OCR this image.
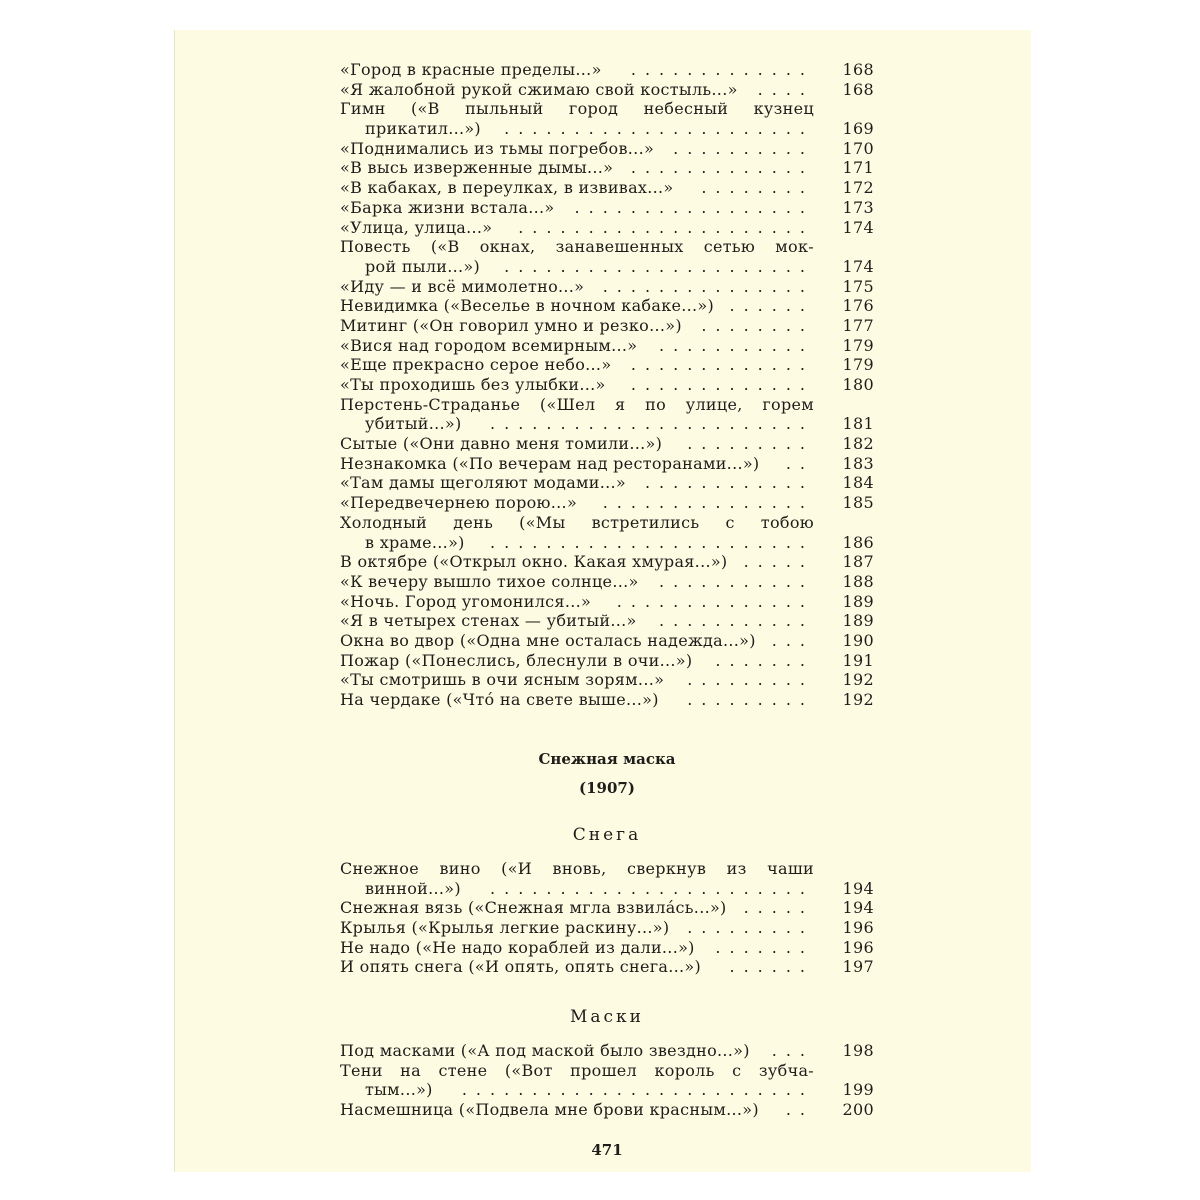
«Город в красные пределы...» .............	168
«Я жалобной рукой сжимаю свой костыль...» ....	168
Гимн («В пыльный город небесный кузнец
прикатил...») ......................	169
«Поднимались из тьмы погребов...» ..........	170
«В высь изверженные дымы...» .............	171
«В кабаках, в переулках, в извивах...» ........	172
«Барка жизни встала...» .................	173
«Улица, улица...» .....................	174
Повесть («В окнах, занавешенных сетью мок-
рой пыли...») ......................	174
«Иду — и всё мимолетно...» ...............	175
Невидимка («Веселье в ночном кабаке...») ......	176
Митинг («Он говорил умно и резко...») ........	177
«Вися над городом всемирным...» ...........	179
«Еще прекрасно серое небо...» .............	179
«Ты проходишь без улыбки...» .............	180
Перстень-Страданье («Шел я по улице, горем
убитый...») .......................	181
Сытые («Они давно меня томили...») .........	182
Незнакомка («По вечерам над ресторанами...») ..	183
«Там дамы щеголяют модами...» ............	184
«Передвечернею порою...» ...............	185
Холодный день («Мы встретились с тобою
в храме...») .......................	186
В октябре («Открыл окно. Какая хмурая...») .....	187
«К вечеру вышло тихое солнце...» ...........	188
«Ночь. Город угомонился...» ..............	189
«Я в четырех стенах — убитый...» ...........	189
Окна во двор («Одна мне осталась надежда...») ...	190
Пожар («Понеслись, блеснули в очи...») .......	191
«Ты смотришь в очи ясным зорям...» .........	192
На чердаке («Что́ на свете выше...») .........	192
Снежная маска
(1907)
Снега
Снежное вино («И вновь, сверкнув из чаши
винной...») .......................	194
Снежная вязь («Снежная мгла взвила́сь...») .....	194
Крылья («Крылья легкие раскину...») .........	196
Не надо («Не надо кораблей из дали...») .......	196
И опять снега («И опять, опять снега...») ......	197
Маски
Под масками («А под маской было звездно...») ...	198
Тени на стене («Вот прошел король с зубча-
тым...») .........................	199
Насмешница («Подвела мне брови красным...») ..	200
471
